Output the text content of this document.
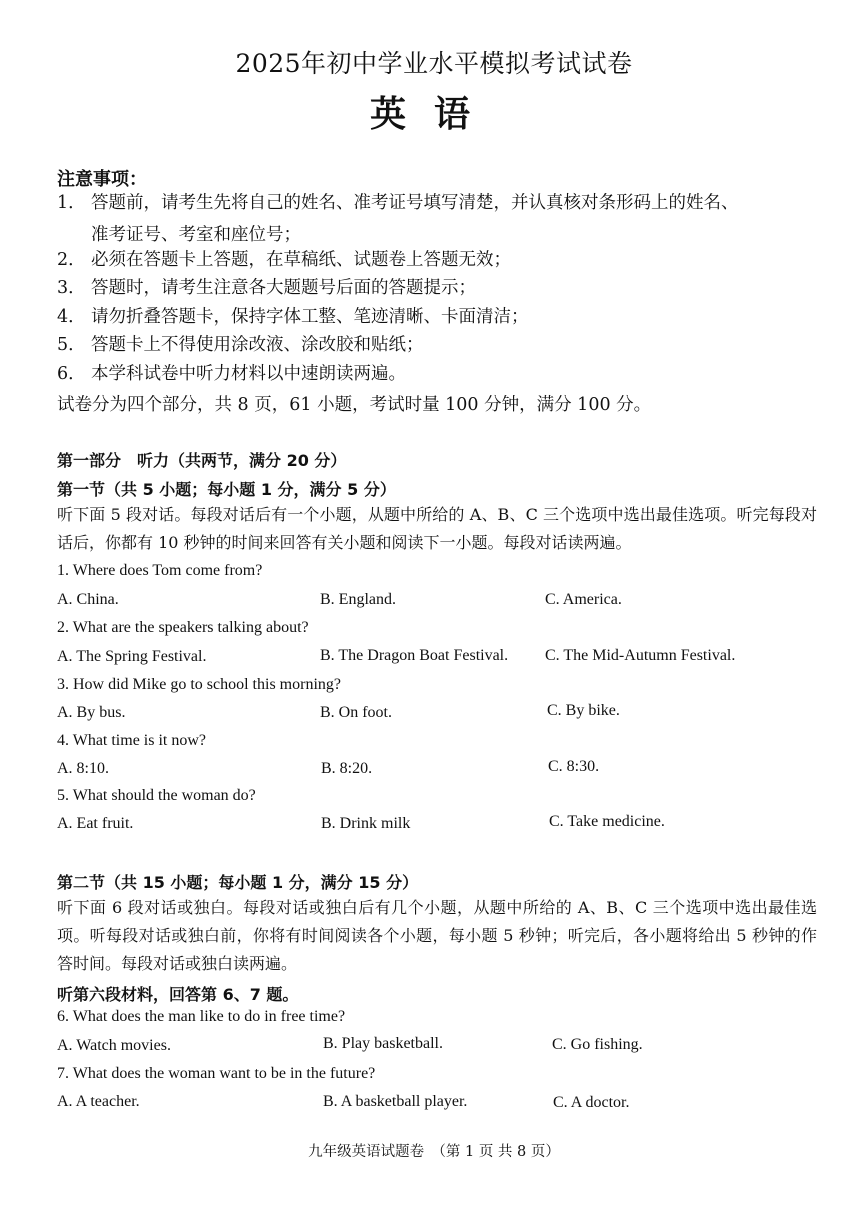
2025年初中学业水平模拟考试试卷
英语
注意事项：
1． 答题前，请考生先将自己的姓名、准考证号填写清楚，并认真核对条形码上的姓名、
准考证号、考室和座位号；
2． 必须在答题卡上答题，在草稿纸、试题卷上答题无效；
3． 答题时，请考生注意各大题题号后面的答题提示；
4． 请勿折叠答题卡，保持字体工整、笔迹清晰、卡面清洁；
5． 答题卡上不得使用涂改液、涂改胶和贴纸；
6． 本学科试卷中听力材料以中速朗读两遍。
试卷分为四个部分，共 8 页，61 小题，考试时量 100 分钟，满分 100 分。
第一部分　听力（共两节，满分 20 分）
第一节（共 5 小题；每小题 1 分，满分 5 分）
听下面 5 段对话。每段对话后有一个小题，从题中所给的 A、B、C 三个选项中选出最佳选项。听完每段对话后，你都有 10 秒钟的时间来回答有关小题和阅读下一小题。每段对话读两遍。
1. Where does Tom come from?
A. China.	B. England.	C. America.
2. What are the speakers talking about?
A. The Spring Festival.	B. The Dragon Boat Festival. C. The Mid-Autumn Festival.
3. How did Mike go to school this morning?
A. By bus.	B. On foot.	C. By bike.
4. What time is it now?
A. 8:10.	B. 8:20.	C. 8:30.
5. What should the woman do?
A. Eat fruit.	B. Drink milk	C. Take medicine.
第二节（共 15 小题；每小题 1 分，满分 15 分）
听下面 6 段对话或独白。每段对话或独白后有几个小题，从题中所给的 A、B、C 三个选项中选出最佳选项。听每段对话或独白前，你将有时间阅读各个小题，每小题 5 秒钟；听完后，各小题将给出 5 秒钟的作答时间。每段对话或独白读两遍。
听第六段材料，回答第 6、7 题。
6. What does the man like to do in free time?
A. Watch movies.	B. Play basketball.	C. Go fishing.
7. What does the woman want to be in the future?
A. A teacher.	B. A basketball player.	C. A doctor.
九年级英语试题卷　（第 1 页 共 8 页）
